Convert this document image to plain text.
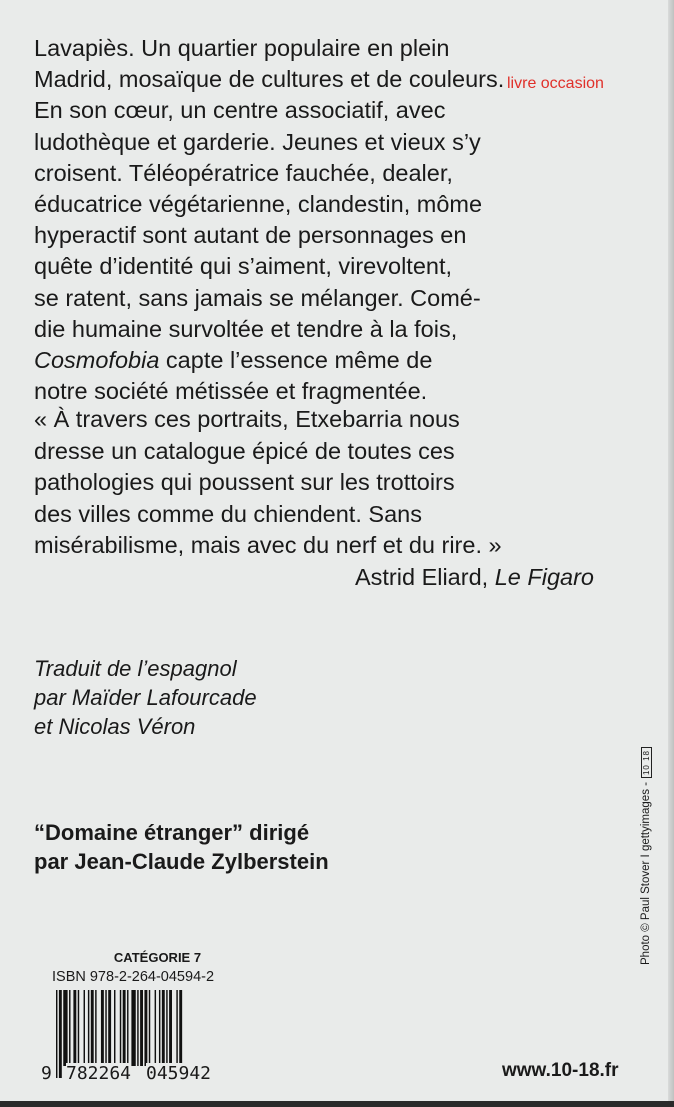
Lavapiès. Un quartier populaire en plein

Madrid, mosaïque de cultures et de couleurs.

En son cœur, un centre associatif, avec

ludothèque et garderie. Jeunes et vieux s’y

croisent. Téléopératrice fauchée, dealer,

éducatrice végétarienne, clandestin, môme

hyperactif sont autant de personnages en

quête d’identité qui s’aiment, virevoltent,

se ratent, sans jamais se mélanger. Comé-

die humaine survoltée et tendre à la fois,

Cosmofobia capte l’essence même de

notre société métissée et fragmentée.

livre occasion
« À travers ces portraits, Etxebarria nous
dresse un catalogue épicé de toutes ces
pathologies qui poussent sur les trottoirs
des villes comme du chiendent. Sans
misérabilisme, mais avec du nerf et du rire. »
Astrid Eliard, Le Figaro
Traduit de l’espagnol
par Maïder Lafourcade
et Nicolas Véron
“Domaine étranger” dirigé
par Jean-Claude Zylberstein	Photo © Paul Stover I gettyimages -
10 18
CATÉGORIE 7
ISBN 978-2-264-04594-2
9 782264 045942	www.10-18.fr
